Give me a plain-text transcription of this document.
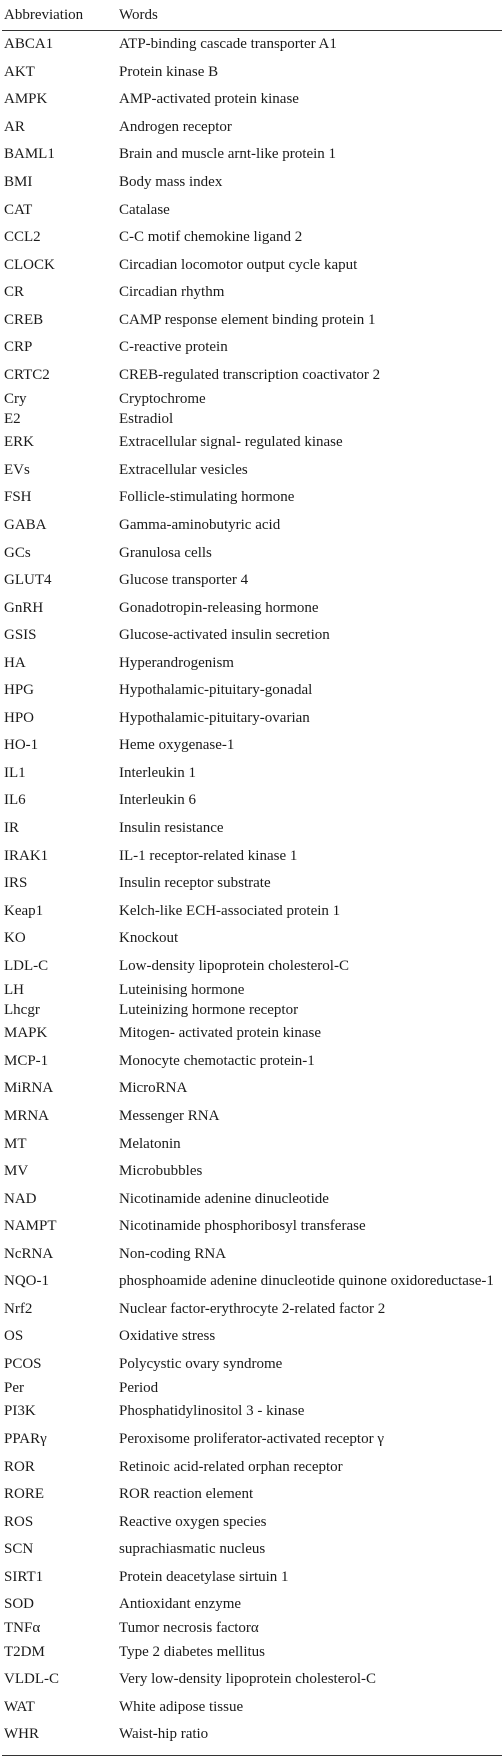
Abbreviation	Words
ABCA1	ATP-binding cascade transporter A1
AKT	Protein kinase B
AMPK	AMP-activated protein kinase
AR	Androgen receptor
BAML1	Brain and muscle arnt-like protein 1
BMI	Body mass index
CAT	Catalase
CCL2	C-C motif chemokine ligand 2
CLOCK	Circadian locomotor output cycle kaput
CR	Circadian rhythm
CREB	CAMP response element binding protein 1
CRP	C-reactive protein
CRTC2	CREB-regulated transcription coactivator 2
Cry	Cryptochrome
E2	Estradiol
ERK	Extracellular signal- regulated kinase
EVs	Extracellular vesicles
FSH	Follicle-stimulating hormone
GABA	Gamma-aminobutyric acid
GCs	Granulosa cells
GLUT4	Glucose transporter 4
GnRH	Gonadotropin-releasing hormone
GSIS	Glucose-activated insulin secretion
HA	Hyperandrogenism
HPG	Hypothalamic-pituitary-gonadal
HPO	Hypothalamic-pituitary-ovarian
HO-1	Heme oxygenase-1
IL1	Interleukin 1
IL6	Interleukin 6
IR	Insulin resistance
IRAK1	IL-1 receptor-related kinase 1
IRS	Insulin receptor substrate
Keap1	Kelch-like ECH-associated protein 1
KO	Knockout
LDL-C	Low-density lipoprotein cholesterol-C
LH	Luteinising hormone
Lhcgr	Luteinizing hormone receptor
MAPK	Mitogen- activated protein kinase
MCP-1	Monocyte chemotactic protein-1
MiRNA	MicroRNA
MRNA	Messenger RNA
MT	Melatonin
MV	Microbubbles
NAD	Nicotinamide adenine dinucleotide
NAMPT	Nicotinamide phosphoribosyl transferase
NcRNA	Non-coding RNA
NQO-1	phosphoamide adenine dinucleotide quinone oxidoreductase-1
Nrf2	Nuclear factor-erythrocyte 2-related factor 2
OS	Oxidative stress
PCOS	Polycystic ovary syndrome
Per	Period
PI3K	Phosphatidylinositol 3 - kinase
PPARγ	Peroxisome proliferator-activated receptor γ
ROR	Retinoic acid-related orphan receptor
RORE	ROR reaction element
ROS	Reactive oxygen species
SCN	suprachiasmatic nucleus
SIRT1	Protein deacetylase sirtuin 1
SOD	Antioxidant enzyme
TNFα	Tumor necrosis factorα
T2DM	Type 2 diabetes mellitus
VLDL-C	Very low-density lipoprotein cholesterol-C
WAT	White adipose tissue
WHR	Waist-hip ratio
